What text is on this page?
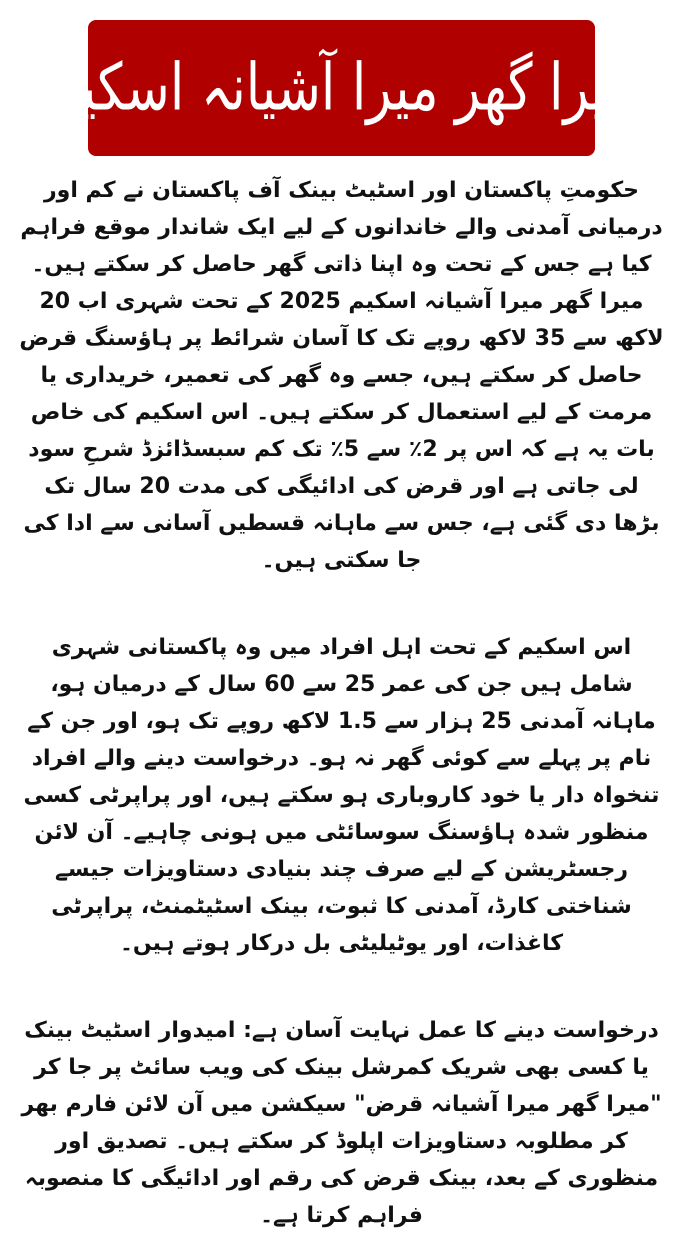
میرا گھر میرا آشیانہ اسکیم

حکومتِ پاکستان اور اسٹیٹ بینک آف پاکستان نے کم اور درمیانی آمدنی والے خاندانوں کے لیے ایک شاندار موقع فراہم کیا ہے جس کے تحت وہ اپنا ذاتی گھر حاصل کر سکتے ہیں۔ میرا گھر میرا آشیانہ اسکیم 2025 کے تحت شہری اب 20 لاکھ سے 35 لاکھ روپے تک کا آسان شرائط پر ہاؤسنگ قرض حاصل کر سکتے ہیں، جسے وہ گھر کی تعمیر، خریداری یا مرمت کے لیے استعمال کر سکتے ہیں۔ اس اسکیم کی خاص بات یہ ہے کہ اس پر 2٪ سے 5٪ تک کم سبسڈائزڈ شرحِ سود لی جاتی ہے اور قرض کی ادائیگی کی مدت 20 سال تک بڑھا دی گئی ہے، جس سے ماہانہ قسطیں آسانی سے ادا کی جا سکتی ہیں۔

اس اسکیم کے تحت اہل افراد میں وہ پاکستانی شہری شامل ہیں جن کی عمر 25 سے 60 سال کے درمیان ہو، ماہانہ آمدنی 25 ہزار سے 1.5 لاکھ روپے تک ہو، اور جن کے نام پر پہلے سے کوئی گھر نہ ہو۔ درخواست دینے والے افراد تنخواہ دار یا خود کاروباری ہو سکتے ہیں، اور پراپرٹی کسی منظور شدہ ہاؤسنگ سوسائٹی میں ہونی چاہیے۔ آن لائن رجسٹریشن کے لیے صرف چند بنیادی دستاویزات جیسے شناختی کارڈ، آمدنی کا ثبوت، بینک اسٹیٹمنٹ، پراپرٹی کاغذات، اور یوٹیلیٹی بل درکار ہوتے ہیں۔

درخواست دینے کا عمل نہایت آسان ہے: امیدوار اسٹیٹ بینک یا کسی بھی شریک کمرشل بینک کی ویب سائٹ پر جا کر "میرا گھر میرا آشیانہ قرض" سیکشن میں آن لائن فارم بھر کر مطلوبہ دستاویزات اپلوڈ کر سکتے ہیں۔ تصدیق اور منظوری کے بعد، بینک قرض کی رقم اور ادائیگی کا منصوبہ فراہم کرتا ہے۔
